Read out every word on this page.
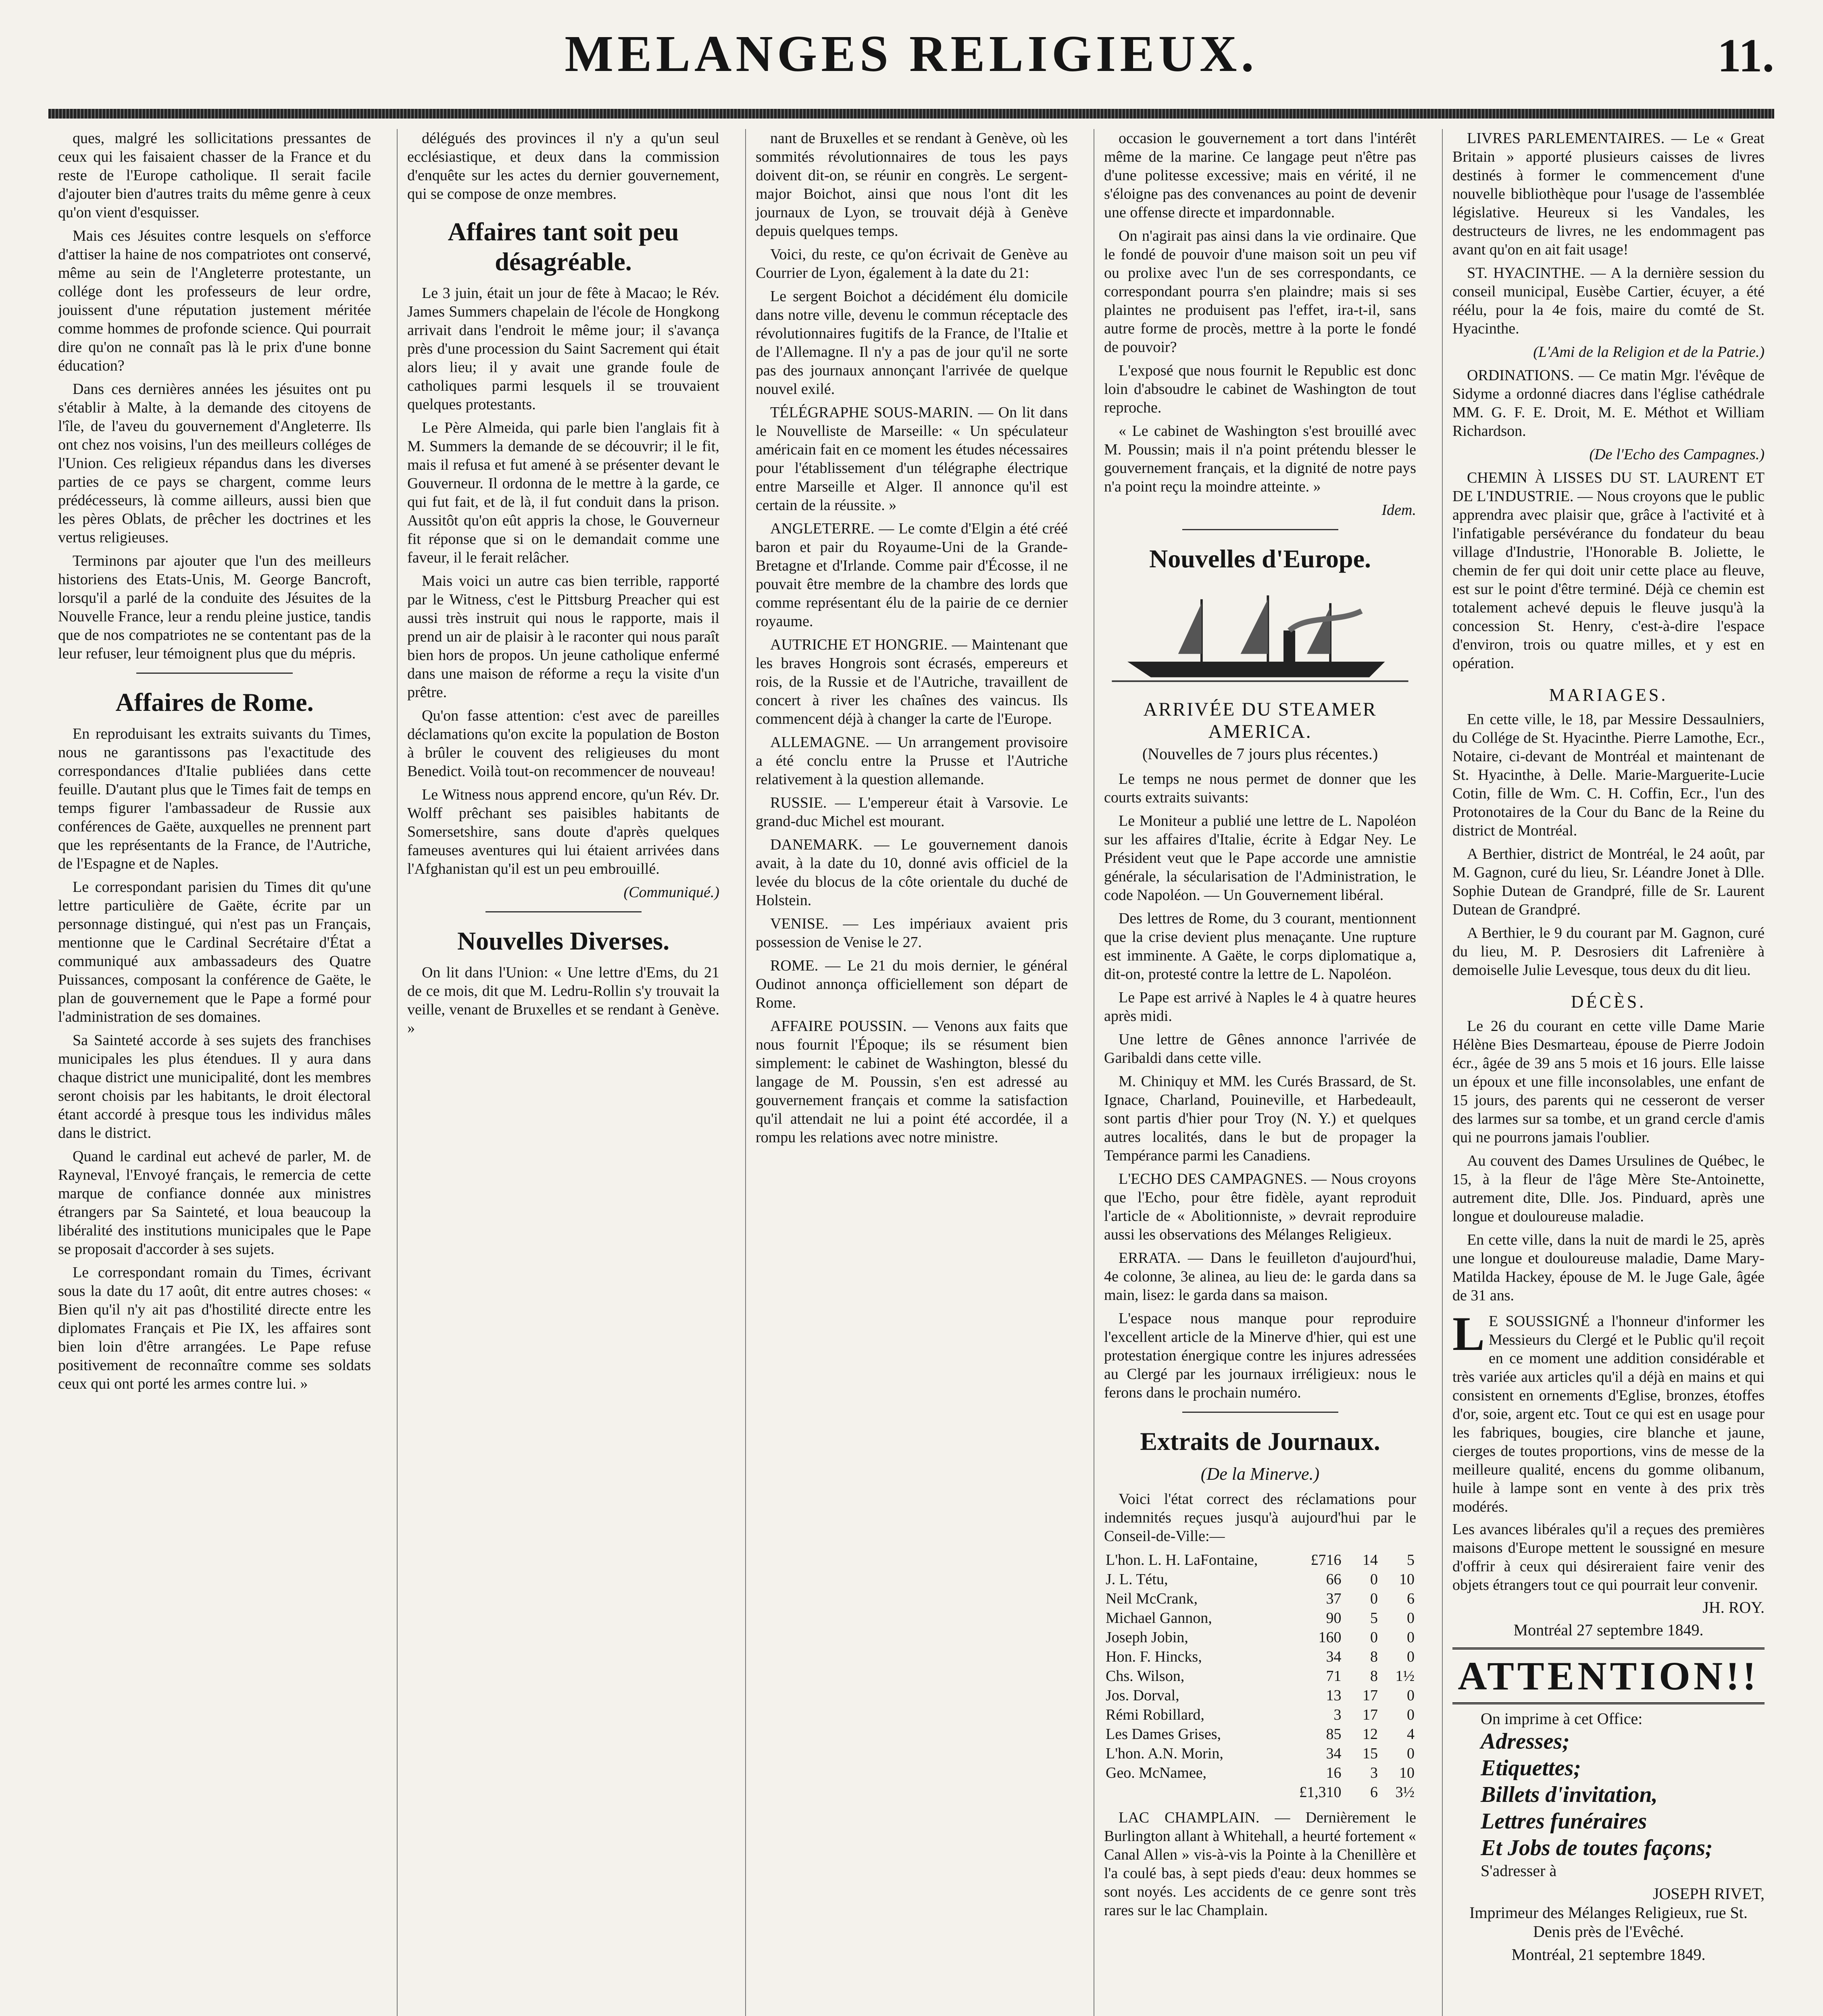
MELANGES RELIGIEUX.	11.

ques, malgré les sollicitations pressantes de ceux qui les faisaient chasser de la France et du reste de l'Europe catholique. Il serait facile d'ajouter bien d'autres traits du même genre à ceux qu'on vient d'esquisser.

Mais ces Jésuites contre lesquels on s'efforce d'attiser la haine de nos compatriotes ont conservé, même au sein de l'Angleterre protestante, un collége dont les professeurs de leur ordre, jouissent d'une réputation justement méritée comme hommes de profonde science. Qui pourrait dire qu'on ne connaît pas là le prix d'une bonne éducation?

Dans ces dernières années les jésuites ont pu s'établir à Malte, à la demande des citoyens de l'île, de l'aveu du gouvernement d'Angleterre. Ils ont chez nos voisins, l'un des meilleurs colléges de l'Union. Ces religieux répandus dans les diverses parties de ce pays se chargent, comme leurs prédécesseurs, là comme ailleurs, aussi bien que les pères Oblats, de prêcher les doctrines et les vertus religieuses.

Terminons par ajouter que l'un des meilleurs historiens des Etats-Unis, M. George Bancroft, lorsqu'il a parlé de la conduite des Jésuites de la Nouvelle France, leur a rendu pleine justice, tandis que de nos compatriotes ne se contentant pas de la leur refuser, leur témoignent plus que du mépris.

Affaires de Rome.

En reproduisant les extraits suivants du Times, nous ne garantissons pas l'exactitude des correspondances d'Italie publiées dans cette feuille. D'autant plus que le Times fait de temps en temps figurer l'ambassadeur de Russie aux conférences de Gaëte, auxquelles ne prennent part que les représentants de la France, de l'Autriche, de l'Espagne et de Naples.

Le correspondant parisien du Times dit qu'une lettre particulière de Gaëte, écrite par un personnage distingué, qui n'est pas un Français, mentionne que le Cardinal Secrétaire d'État a communiqué aux ambassadeurs des Quatre Puissances, composant la conférence de Gaëte, le plan de gouvernement que le Pape a formé pour l'administration de ses domaines.

Sa Sainteté accorde à ses sujets des franchises municipales les plus étendues. Il y aura dans chaque district une municipalité, dont les membres seront choisis par les habitants, le droit électoral étant accordé à presque tous les individus mâles dans le district.

Quand le cardinal eut achevé de parler, M. de Rayneval, l'Envoyé français, le remercia de cette marque de confiance donnée aux ministres étrangers par Sa Sainteté, et loua beaucoup la libéralité des institutions municipales que le Pape se proposait d'accorder à ses sujets.

Le correspondant romain du Times, écrivant sous la date du 17 août, dit entre autres choses: « Bien qu'il n'y ait pas d'hostilité directe entre les diplomates Français et Pie IX, les affaires sont bien loin d'être arrangées. Le Pape refuse positivement de reconnaître comme ses soldats ceux qui ont porté les armes contre lui. »

délégués des provinces il n'y a qu'un seul ecclésiastique, et deux dans la commission d'enquête sur les actes du dernier gouvernement, qui se compose de onze membres.

Affaires tant soit peu désagréable.

Le 3 juin, était un jour de fête à Macao; le Rév. James Summers chapelain de l'école de Hongkong arrivait dans l'endroit le même jour; il s'avança près d'une procession du Saint Sacrement qui était alors lieu; il y avait une grande foule de catholiques parmi lesquels il se trouvaient quelques protestants.

Le Père Almeida, qui parle bien l'anglais fit à M. Summers la demande de se découvrir; il le fit, mais il refusa et fut amené à se présenter devant le Gouverneur. Il ordonna de le mettre à la garde, ce qui fut fait, et de là, il fut conduit dans la prison. Aussitôt qu'on eût appris la chose, le Gouverneur fit réponse que si on le demandait comme une faveur, il le ferait relâcher.

Mais voici un autre cas bien terrible, rapporté par le Witness, c'est le Pittsburg Preacher qui est aussi très instruit qui nous le rapporte, mais il prend un air de plaisir à le raconter qui nous paraît bien hors de propos. Un jeune catholique enfermé dans une maison de réforme a reçu la visite d'un prêtre.

Qu'on fasse attention: c'est avec de pareilles déclamations qu'on excite la population de Boston à brûler le couvent des religieuses du mont Benedict. Voilà tout-on recommencer de nouveau!

Le Witness nous apprend encore, qu'un Rév. Dr. Wolff prêchant ses paisibles habitants de Somersetshire, sans doute d'après quelques fameuses aventures qui lui étaient arrivées dans l'Afghanistan qu'il est un peu embrouillé.

(Communiqué.)

Nouvelles Diverses.

On lit dans l'Union: « Une lettre d'Ems, du 21 de ce mois, dit que M. Ledru-Rollin s'y trouvait la veille, venant de Bruxelles et se rendant à Genève. »

nant de Bruxelles et se rendant à Genève, où les sommités révolutionnaires de tous les pays doivent dit-on, se réunir en congrès. Le sergent-major Boichot, ainsi que nous l'ont dit les journaux de Lyon, se trouvait déjà à Genève depuis quelques temps.

Voici, du reste, ce qu'on écrivait de Genève au Courrier de Lyon, également à la date du 21:

Le sergent Boichot a décidément élu domicile dans notre ville, devenu le commun réceptacle des révolutionnaires fugitifs de la France, de l'Italie et de l'Allemagne. Il n'y a pas de jour qu'il ne sorte pas des journaux annonçant l'arrivée de quelque nouvel exilé.

TÉLÉGRAPHE SOUS-MARIN. — On lit dans le Nouvelliste de Marseille: « Un spéculateur américain fait en ce moment les études nécessaires pour l'établissement d'un télégraphe électrique entre Marseille et Alger. Il annonce qu'il est certain de la réussite. »

ANGLETERRE. — Le comte d'Elgin a été créé baron et pair du Royaume-Uni de la Grande-Bretagne et d'Irlande. Comme pair d'Écosse, il ne pouvait être membre de la chambre des lords que comme représentant élu de la pairie de ce dernier royaume.

AUTRICHE ET HONGRIE. — Maintenant que les braves Hongrois sont écrasés, empereurs et rois, de la Russie et de l'Autriche, travaillent de concert à river les chaînes des vaincus. Ils commencent déjà à changer la carte de l'Europe.

ALLEMAGNE. — Un arrangement provisoire a été conclu entre la Prusse et l'Autriche relativement à la question allemande.

RUSSIE. — L'empereur était à Varsovie. Le grand-duc Michel est mourant.

DANEMARK. — Le gouvernement danois avait, à la date du 10, donné avis officiel de la levée du blocus de la côte orientale du duché de Holstein.

VENISE. — Les impériaux avaient pris possession de Venise le 27.

ROME. — Le 21 du mois dernier, le général Oudinot annonça officiellement son départ de Rome.

AFFAIRE POUSSIN. — Venons aux faits que nous fournit l'Époque; ils se résument bien simplement: le cabinet de Washington, blessé du langage de M. Poussin, s'en est adressé au gouvernement français et comme la satisfaction qu'il attendait ne lui a point été accordée, il a rompu les relations avec notre ministre.

occasion le gouvernement a tort dans l'intérêt même de la marine. Ce langage peut n'être pas d'une politesse excessive; mais en vérité, il ne s'éloigne pas des convenances au point de devenir une offense directe et impardonnable.

On n'agirait pas ainsi dans la vie ordinaire. Que le fondé de pouvoir d'une maison soit un peu vif ou prolixe avec l'un de ses correspondants, ce correspondant pourra s'en plaindre; mais si ses plaintes ne produisent pas l'effet, ira-t-il, sans autre forme de procès, mettre à la porte le fondé de pouvoir?

L'exposé que nous fournit le Republic est donc loin d'absoudre le cabinet de Washington de tout reproche.

« Le cabinet de Washington s'est brouillé avec M. Poussin; mais il n'a point prétendu blesser le gouvernement français, et la dignité de notre pays n'a point reçu la moindre atteinte. »

Idem.

Nouvelles d'Europe.
ARRIVÉE DU STEAMER AMERICA.
(Nouvelles de 7 jours plus récentes.)

Le temps ne nous permet de donner que les courts extraits suivants:

Le Moniteur a publié une lettre de L. Napoléon sur les affaires d'Italie, écrite à Edgar Ney. Le Président veut que le Pape accorde une amnistie générale, la sécularisation de l'Administration, le code Napoléon. — Un Gouvernement libéral.

Des lettres de Rome, du 3 courant, mentionnent que la crise devient plus menaçante. Une rupture est imminente. A Gaëte, le corps diplomatique a, dit-on, protesté contre la lettre de L. Napoléon.

Le Pape est arrivé à Naples le 4 à quatre heures après midi.

Une lettre de Gênes annonce l'arrivée de Garibaldi dans cette ville.

M. Chiniquy et MM. les Curés Brassard, de St. Ignace, Charland, Pouineville, et Harbedeault, sont partis d'hier pour Troy (N. Y.) et quelques autres localités, dans le but de propager la Tempérance parmi les Canadiens.

L'ECHO DES CAMPAGNES. — Nous croyons que l'Echo, pour être fidèle, ayant reproduit l'article de « Abolitionniste, » devrait reproduire aussi les observations des Mélanges Religieux.

ERRATA. — Dans le feuilleton d'aujourd'hui, 4e colonne, 3e alinea, au lieu de: le garda dans sa main, lisez: le garda dans sa maison.

L'espace nous manque pour reproduire l'excellent article de la Minerve d'hier, qui est une protestation énergique contre les injures adressées au Clergé par les journaux irréligieux: nous le ferons dans le prochain numéro.

Extraits de Journaux.
(De la Minerve.)

Voici l'état correct des réclamations pour indemnités reçues jusqu'à aujourd'hui par le Conseil-de-Ville:—

L'hon. L. H. LaFontaine,	£716	14	5
J. L. Tétu,	66	0	10
Neil McCrank,	37	0	6
Michael Gannon,	90	5	0
Joseph Jobin,	160	0	0
Hon. F. Hincks,	34	8	0
Chs. Wilson,	71	8	1½
Jos. Dorval,	13	17	0
Rémi Robillard,	3	17	0
Les Dames Grises,	85	12	4
L'hon. A.N. Morin,	34	15	0
Geo. McNamee,	16	3	10
	£1,310	6	3½

LAC CHAMPLAIN. — Dernièrement le Burlington allant à Whitehall, a heurté fortement « Canal Allen » vis-à-vis la Pointe à la Chenillère et l'a coulé bas, à sept pieds d'eau: deux hommes se sont noyés. Les accidents de ce genre sont très rares sur le lac Champlain.

LIVRES PARLEMENTAIRES. — Le « Great Britain » apporté plusieurs caisses de livres destinés à former le commencement d'une nouvelle bibliothèque pour l'usage de l'assemblée législative. Heureux si les Vandales, les destructeurs de livres, ne les endommagent pas avant qu'on en ait fait usage!

ST. HYACINTHE. — A la dernière session du conseil municipal, Eusèbe Cartier, écuyer, a été réélu, pour la 4e fois, maire du comté de St. Hyacinthe.

(L'Ami de la Religion et de la Patrie.)

ORDINATIONS. — Ce matin Mgr. l'évêque de Sidyme a ordonné diacres dans l'église cathédrale MM. G. F. E. Droit, M. E. Méthot et William Richardson.

(De l'Echo des Campagnes.)

CHEMIN À LISSES DU ST. LAURENT ET DE L'INDUSTRIE. — Nous croyons que le public apprendra avec plaisir que, grâce à l'activité et à l'infatigable persévérance du fondateur du beau village d'Industrie, l'Honorable B. Joliette, le chemin de fer qui doit unir cette place au fleuve, est sur le point d'être terminé. Déjà ce chemin est totalement achevé depuis le fleuve jusqu'à la concession St. Henry, c'est-à-dire l'espace d'environ, trois ou quatre milles, et y est en opération.

MARIAGES.

En cette ville, le 18, par Messire Dessaulniers, du Collége de St. Hyacinthe. Pierre Lamothe, Ecr., Notaire, ci-devant de Montréal et maintenant de St. Hyacinthe, à Delle. Marie-Marguerite-Lucie Cotin, fille de Wm. C. H. Coffin, Ecr., l'un des Protonotaires de la Cour du Banc de la Reine du district de Montréal.

A Berthier, district de Montréal, le 24 août, par M. Gagnon, curé du lieu, Sr. Léandre Jonet à Dlle. Sophie Dutean de Grandpré, fille de Sr. Laurent Dutean de Grandpré.

A Berthier, le 9 du courant par M. Gagnon, curé du lieu, M. P. Desrosiers dit Lafrenière à demoiselle Julie Levesque, tous deux du dit lieu.

DÉCÈS.

Le 26 du courant en cette ville Dame Marie Hélène Bies Desmarteau, épouse de Pierre Jodoin écr., âgée de 39 ans 5 mois et 16 jours. Elle laisse un époux et une fille inconsolables, une enfant de 15 jours, des parents qui ne cesseront de verser des larmes sur sa tombe, et un grand cercle d'amis qui ne pourrons jamais l'oublier.

Au couvent des Dames Ursulines de Québec, le 15, à la fleur de l'âge Mère Ste-Antoinette, autrement dite, Dlle. Jos. Pinduard, après une longue et douloureuse maladie.

En cette ville, dans la nuit de mardi le 25, après une longue et douloureuse maladie, Dame Mary-Matilda Hackey, épouse de M. le Juge Gale, âgée de 31 ans.

L E SOUSSIGNÉ a l'honneur d'informer les Messieurs du Clergé et le Public qu'il reçoit en ce moment une addition considérable et très variée aux articles qu'il a déjà en mains et qui consistent en ornements d'Eglise, bronzes, étoffes d'or, soie, argent etc. Tout ce qui est en usage pour les fabriques, bougies, cire blanche et jaune, cierges de toutes proportions, vins de messe de la meilleure qualité, encens du gomme olibanum, huile à lampe sont en vente à des prix très modérés.

Les avances libérales qu'il a reçues des premières maisons d'Europe mettent le soussigné en mesure d'offrir à ceux qui désireraient faire venir des objets étrangers tout ce qui pourrait leur convenir.

JH. ROY.
Montréal 27 septembre 1849.
ATTENTION!!
On imprime à cet Office:
Adresses;
Etiquettes;
Billets d'invitation,
Lettres funéraires
Et Jobs de toutes façons;
S'adresser à
JOSEPH RIVET,
Imprimeur des Mélanges Religieux, rue St. Denis près de l'Evêché.
Montréal, 21 septembre 1849.
